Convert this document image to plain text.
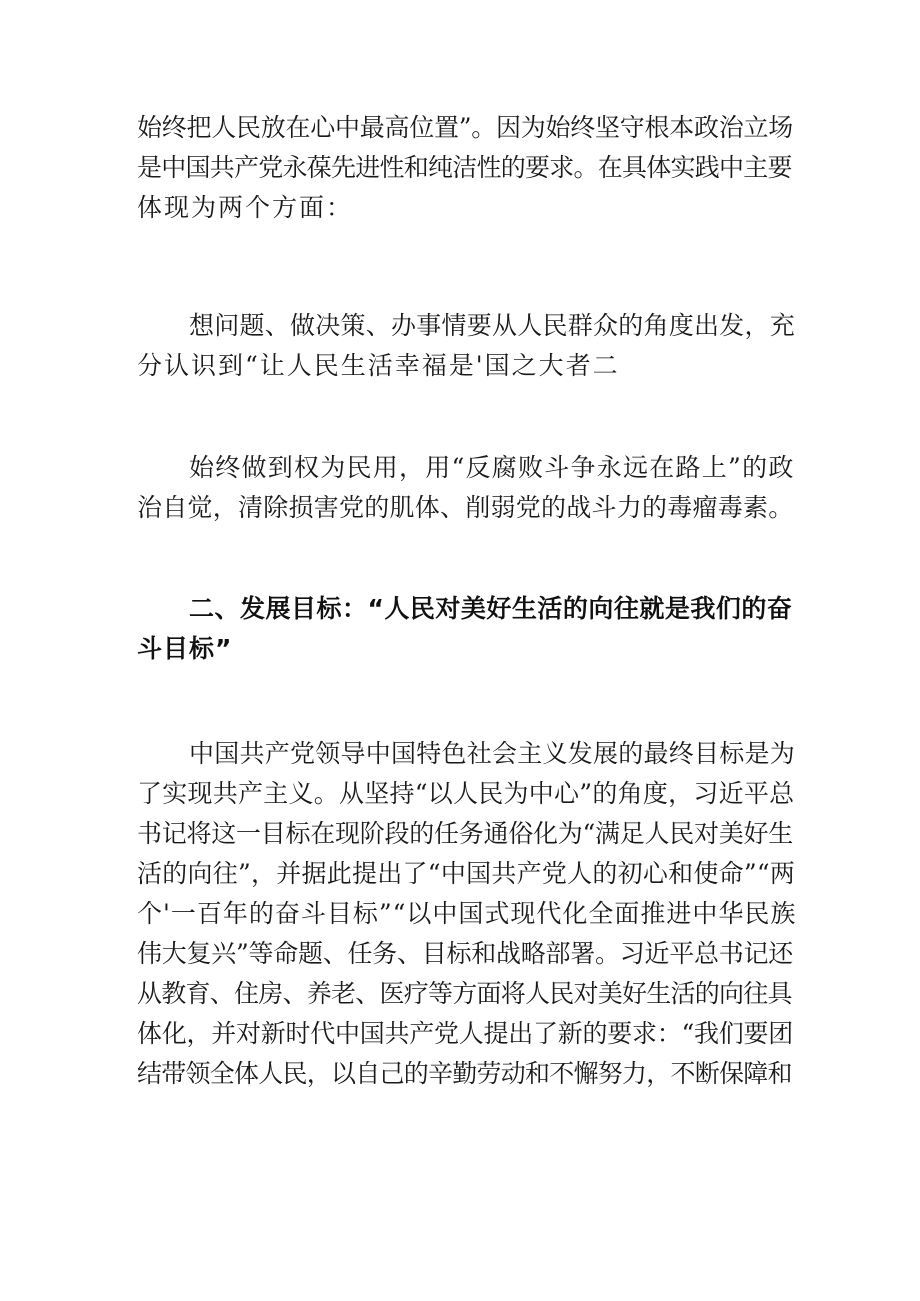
始终把人民放在心中最高位置”。因为始终坚守根本政治立场
是中国共产党永葆先进性和纯洁性的要求。在具体实践中主要
体现为两个方面：
想问题、做决策、办事情要从人民群众的角度出发，充
分认识到“让人民生活幸福是'国之大者二
始终做到权为民用，用“反腐败斗争永远在路上”的政
治自觉，清除损害党的肌体、削弱党的战斗力的毒瘤毒素。
二、发展目标：“人民对美好生活的向往就是我们的奋
斗目标”
中国共产党领导中国特色社会主义发展的最终目标是为
了实现共产主义。从坚持“以人民为中心”的角度，习近平总
书记将这一目标在现阶段的任务通俗化为“满足人民对美好生
活的向往”，并据此提出了“中国共产党人的初心和使命”“两
个'一百年的奋斗目标”“以中国式现代化全面推进中华民族
伟大复兴”等命题、任务、目标和战略部署。习近平总书记还
从教育、住房、养老、医疗等方面将人民对美好生活的向往具
体化，并对新时代中国共产党人提出了新的要求：“我们要团
结带领全体人民，以自己的辛勤劳动和不懈努力，不断保障和
